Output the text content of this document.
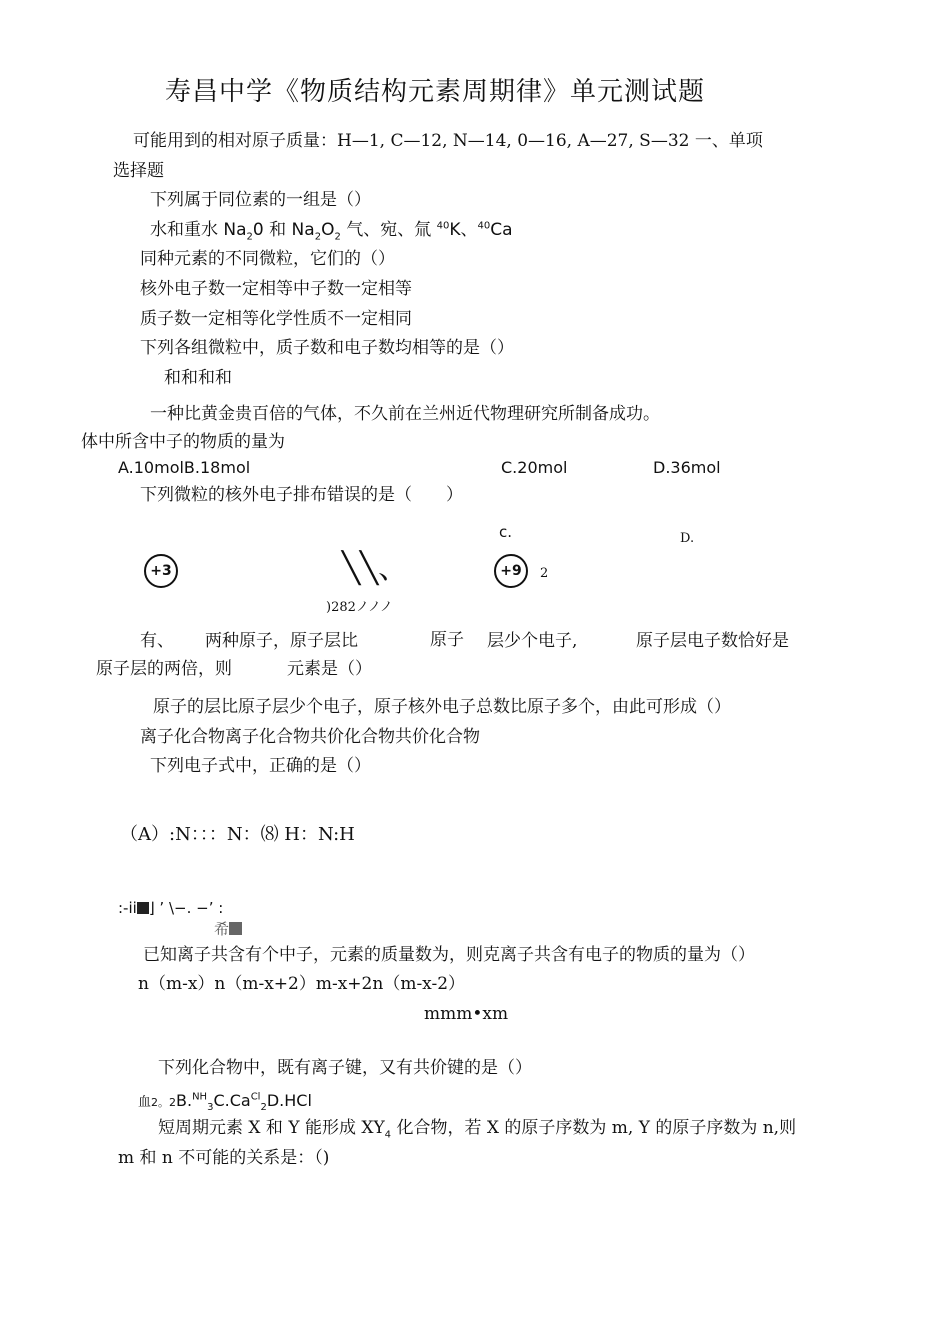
寿昌中学《物质结构元素周期律》单元测试题
可能用到的相对原子质量：H—1, C—12, N—14, 0—16, A—27, S—32 一、单项
选择题
下列属于同位素的一组是（）
水和重水 $Na_20$ 和 $Na_2O_2$ 气、宛、氚 $^{40}$K、$^{40}$Ca
同种元素的不同微粒，它们的（）
核外电子数一定相等中子数一定相等
质子数一定相等化学性质不一定相同
下列各组微粒中，质子数和电子数均相等的是（）
和和和和
一种比黄金贵百倍的气体，不久前在兰州近代物理研究所制备成功。
体中所含中子的物质的量为
A.10molB.18mol	C.20mol	D.36mol
下列微粒的核外电子排布错误的是（　　）
c.	D.
+3	╲╲、
)282ノノノ
+9	2
有、 两种原子，原子层比	原子 层少个电子,	原子层电子数恰好是
原子层的两倍，则	元素是（）
原子的层比原子层少个电子，原子核外电子总数比原子多个，由此可形成（）
离子化合物离子化合物共价化合物共价化合物
下列电子式中，正确的是（）
（A）:N：：：N：⑻ H：N:H
:-ii ⌋ ’ \−. −’ :
希
已知离子共含有个中子，元素的质量数为，则克离子共含有电子的物质的量为（）
n（m-x）n（m-x+2）m-x+2n（m-x-2）
mmm•xm
下列化合物中，既有离子键，又有共价键的是（）
血2。$2B.^{NH}_3C.Ca^{Cl}_2D.HCl$
短周期元素 X 和 Y 能形成 $XY_4$ 化合物，若 X 的原子序数为 m, Y 的原子序数为 n,则
m 和 n 不可能的关系是：（)
